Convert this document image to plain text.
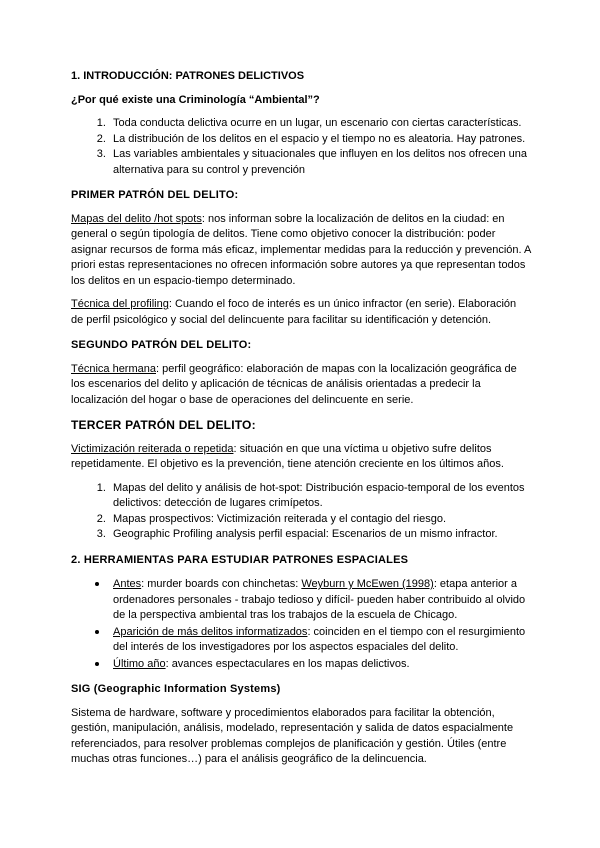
1. INTRODUCCIÓN: PATRONES DELICTIVOS
¿Por qué existe una Criminología “Ambiental”?
1. Toda conducta delictiva ocurre en un lugar, un escenario con ciertas características.
2. La distribución de los delitos en el espacio y el tiempo no es aleatoria. Hay patrones.
3. Las variables ambientales y situacionales que influyen en los delitos nos ofrecen una alternativa para su control y prevención
PRIMER PATRÓN DEL DELITO:

Mapas del delito /hot spots: nos informan sobre la localización de delitos en la ciudad: en general o según tipología de delitos. Tiene como objetivo conocer la distribución: poder asignar recursos de forma más eficaz, implementar medidas para la reducción y prevención. A priori estas representaciones no ofrecen información sobre autores ya que representan todos los delitos en un espacio-tiempo determinado.

Técnica del profiling: Cuando el foco de interés es un único infractor (en serie). Elaboración de perfil psicológico y social del delincuente para facilitar su identificación y detención.

SEGUNDO PATRÓN DEL DELITO:

Técnica hermana: perfil geográfico: elaboración de mapas con la localización geográfica de los escenarios del delito y aplicación de técnicas de análisis orientadas a predecir la localización del hogar o base de operaciones del delincuente en serie.

TERCER PATRÓN DEL DELITO:

Victimización reiterada o repetida: situación en que una víctima u objetivo sufre delitos repetidamente. El objetivo es la prevención, tiene atención creciente en los últimos años.

1. Mapas del delito y análisis de hot-spot: Distribución espacio-temporal de los eventos delictivos: detección de lugares crimípetos.
2. Mapas prospectivos: Victimización reiterada y el contagio del riesgo.
3. Geographic Profiling analysis perfil espacial: Escenarios de un mismo infractor.
2. HERRAMIENTAS PARA ESTUDIAR PATRONES ESPACIALES
• Antes: murder boards con chinchetas: Weyburn y McEwen (1998): etapa anterior a ordenadores personales - trabajo tedioso y difícil- pueden haber contribuido al olvido de la perspectiva ambiental tras los trabajos de la escuela de Chicago.
• Aparición de más delitos informatizados: coinciden en el tiempo con el resurgimiento del interés de los investigadores por los aspectos espaciales del delito.
• Último año: avances espectaculares en los mapas delictivos.
SIG (Geographic Information Systems)

Sistema de hardware, software y procedimientos elaborados para facilitar la obtención, gestión, manipulación, análisis, modelado, representación y salida de datos espacialmente referenciados, para resolver problemas complejos de planificación y gestión. Útiles (entre muchas otras funciones…) para el análisis geográfico de la delincuencia.
